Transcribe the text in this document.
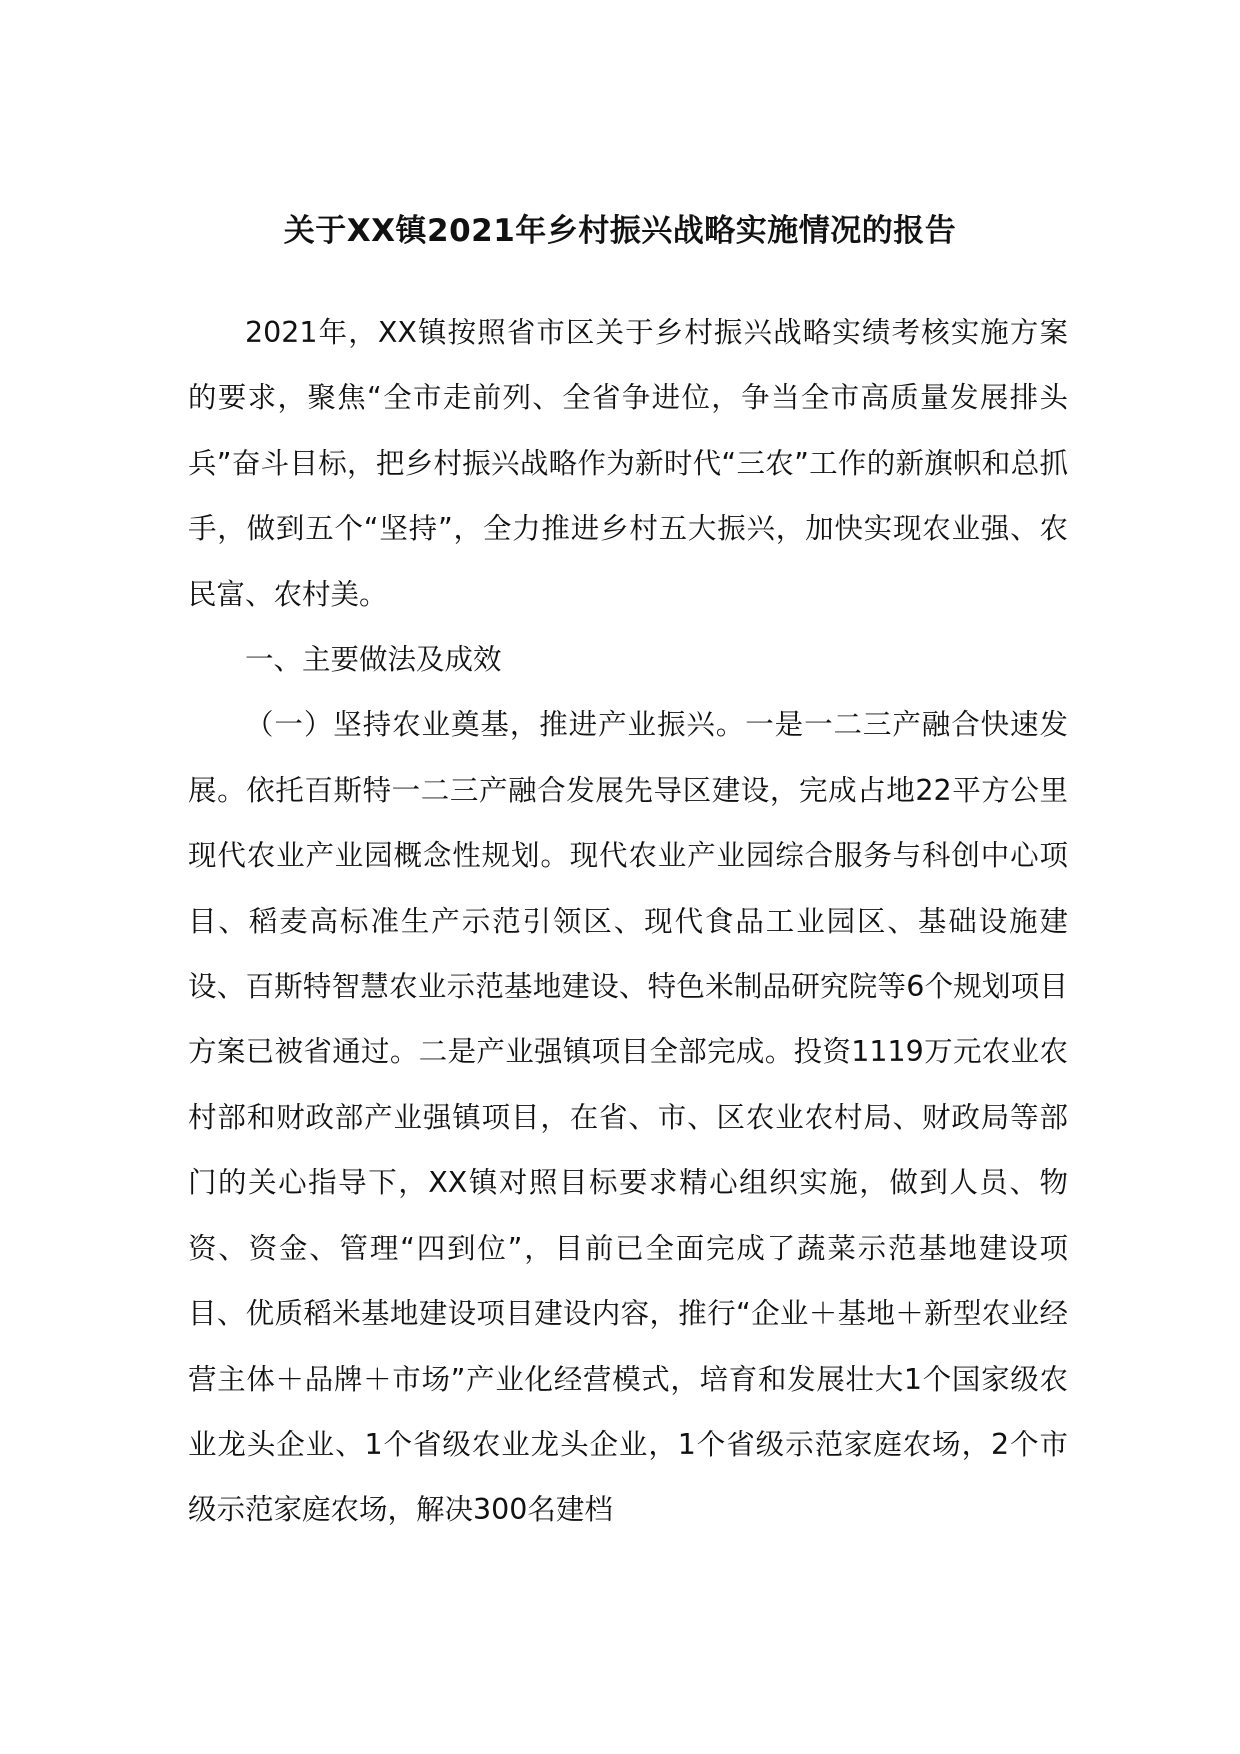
关于XX镇2021年乡村振兴战略实施情况的报告

2021年，XX镇按照省市区关于乡村振兴战略实绩考核实施方案的要求，聚焦“全市走前列、全省争进位，争当全市高质量发展排头兵”奋斗目标，把乡村振兴战略作为新时代“三农”工作的新旗帜和总抓手，做到五个“坚持”，全力推进乡村五大振兴，加快实现农业强、农民富、农村美。

一、主要做法及成效

（一）坚持农业奠基，推进产业振兴。一是一二三产融合快速发展。依托百斯特一二三产融合发展先导区建设，完成占地22平方公里现代农业产业园概念性规划。现代农业产业园综合服务与科创中心项目、稻麦高标准生产示范引领区、现代食品工业园区、基础设施建设、百斯特智慧农业示范基地建设、特色米制品研究院等6个规划项目方案已被省通过。二是产业强镇项目全部完成。投资1119万元农业农村部和财政部产业强镇项目，在省、市、区农业农村局、财政局等部门的关心指导下，XX镇对照目标要求精心组织实施，做到人员、物资、资金、管理“四到位”，目前已全面完成了蔬菜示范基地建设项目、优质稻米基地建设项目建设内容，推行“企业＋基地＋新型农业经营主体＋品牌＋市场”产业化经营模式，培育和发展壮大1个国家级农业龙头企业、1个省级农业龙头企业，1个省级示范家庭农场，2个市级示范家庭农场，解决300名建档
